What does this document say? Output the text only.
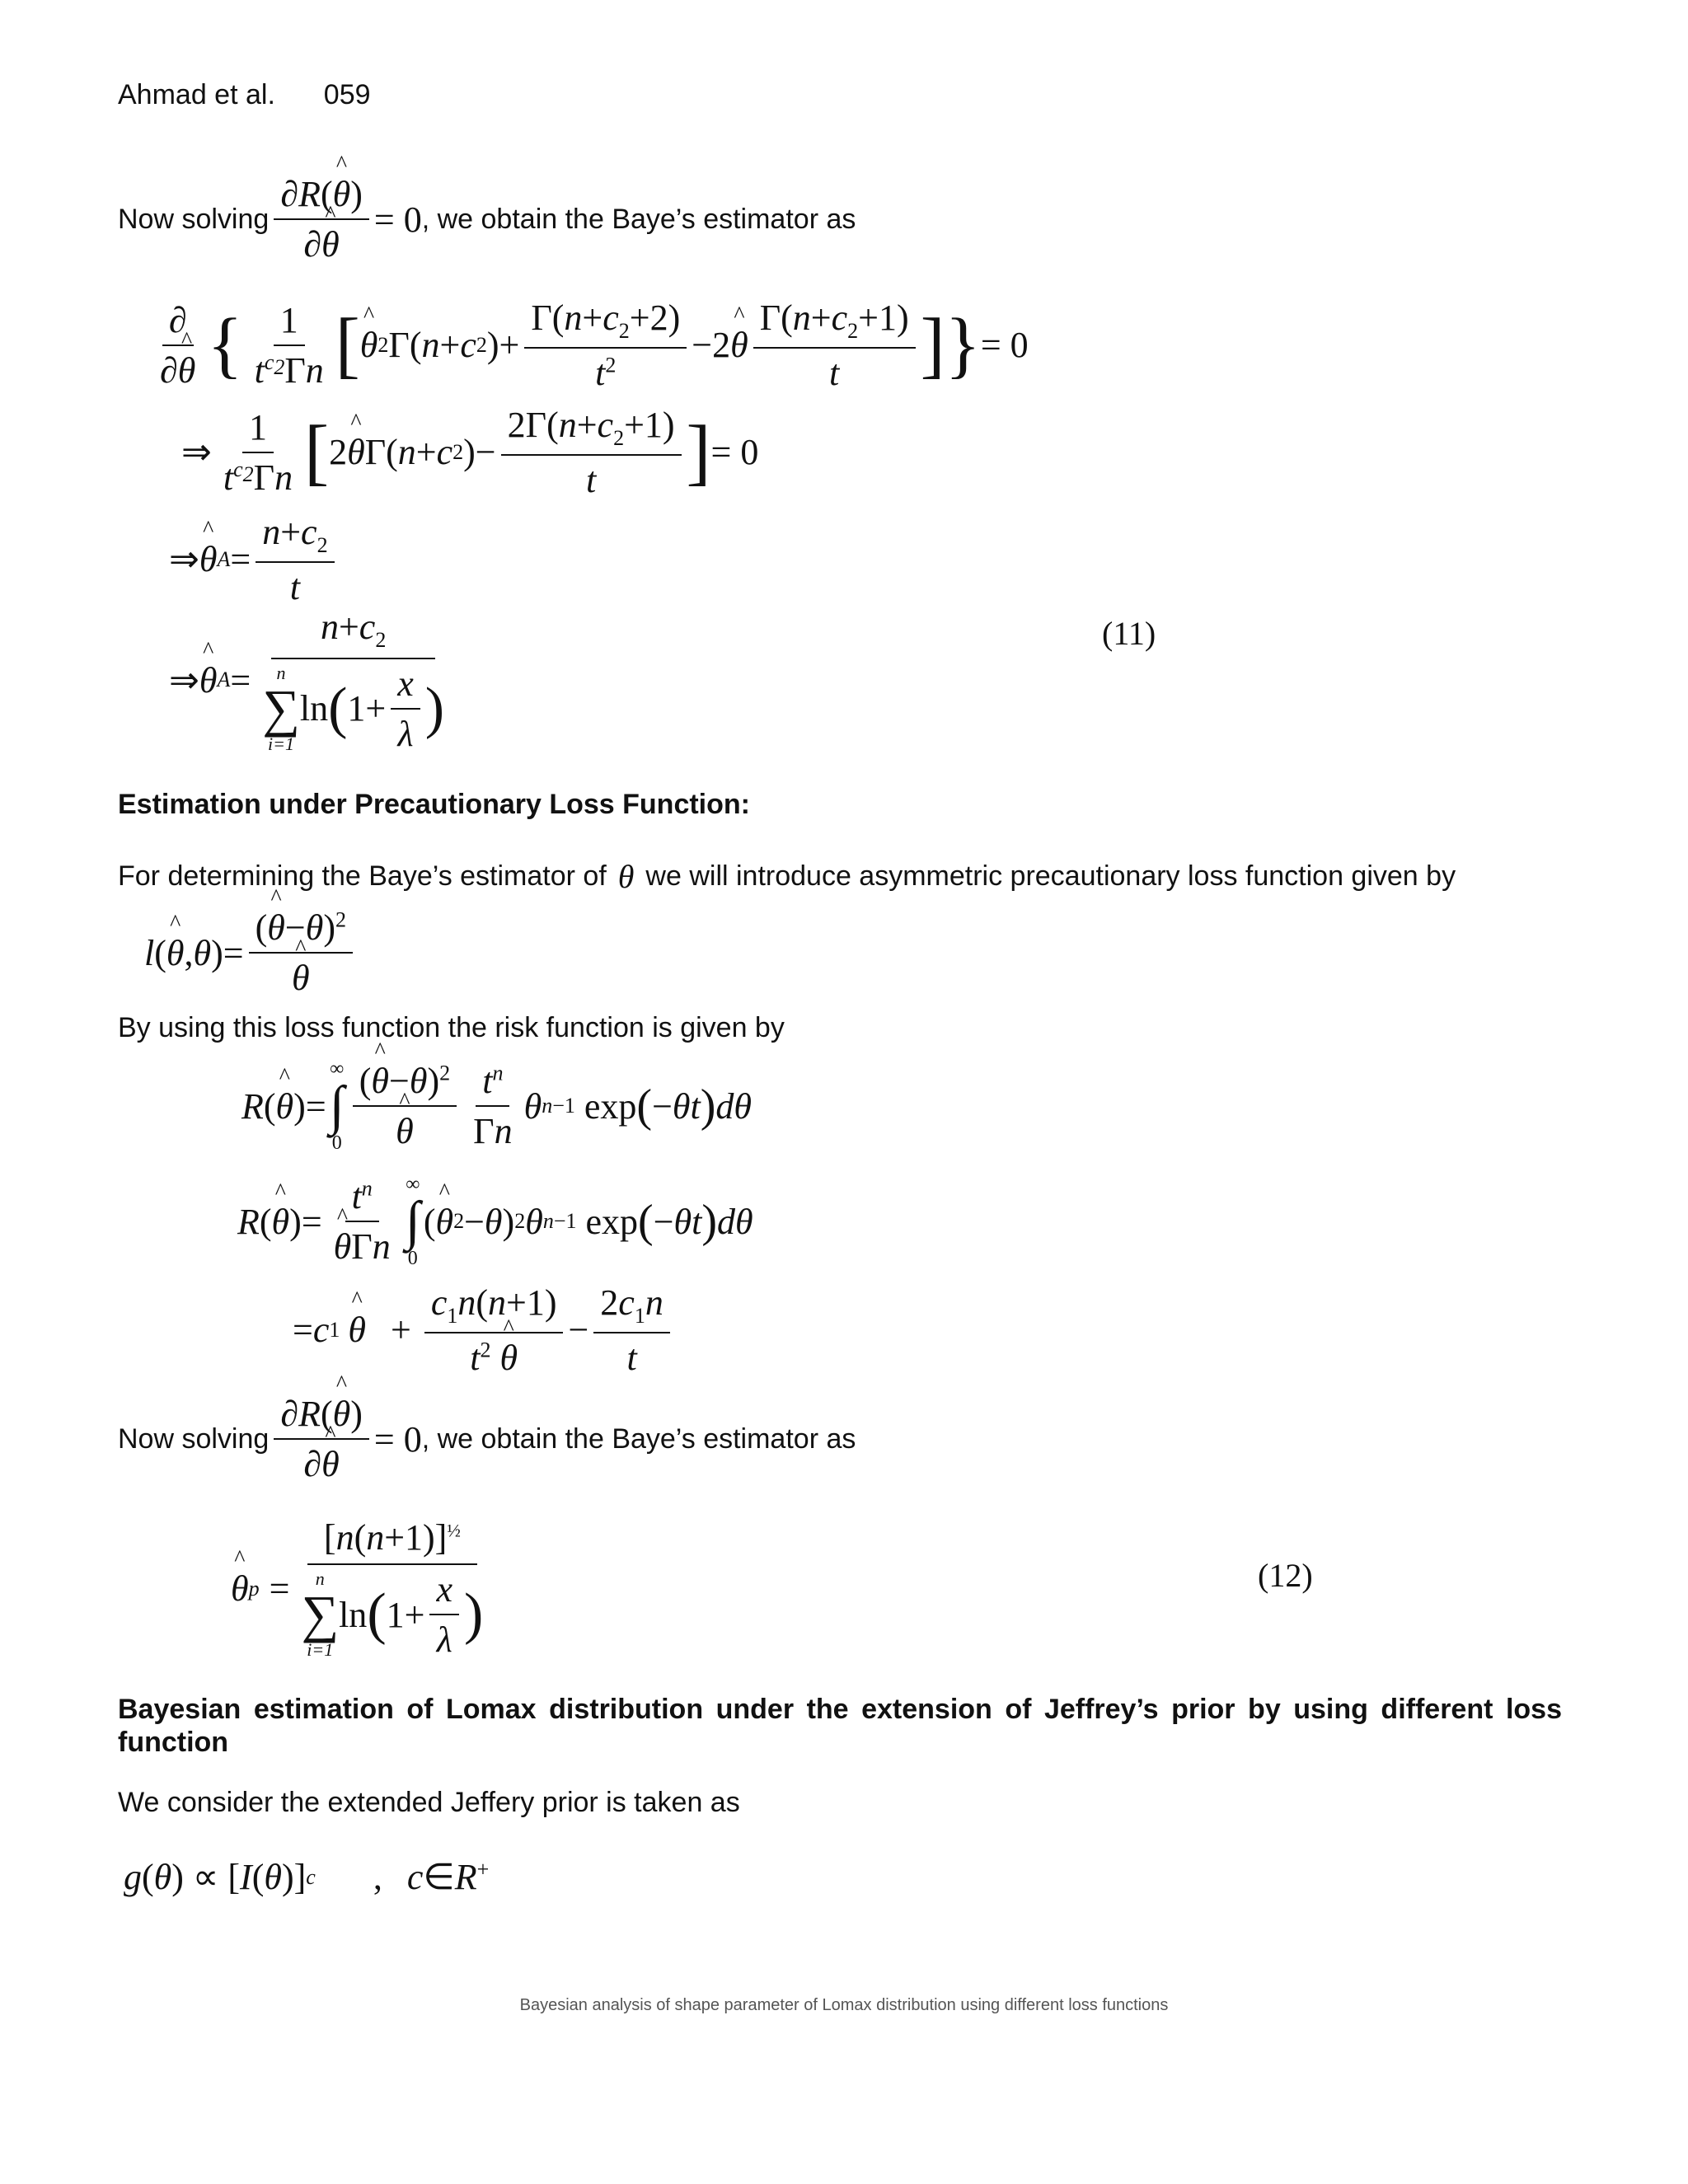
Ahmad et al. 059
Now solving $\frac{\partial R(\^{} \theta)}{\partial\^{} \theta} = 0$ , we obtain the Baye’s estimator as
$\frac{\partial}{\partial\^{} \theta}$ { $\frac{1}{t^{c_2}\Gamma n}$ [ ^ θ 2 Γ( n + c 2 )+ $\frac{\Gamma(n+c_2+2)}{t^2} -2$ ^ θ $\frac{\Gamma(n+c_2+1)}{t}$ ] } = 0
⇒ $\frac{1}{t^{c_2}\Gamma n}$ [ 2 ^ θ Γ( n + c 2 )− $\frac{2\Gamma(n+c_2+1)}{t}$ ] = 0
⇒ ^ θ $A = \frac{n+c_2}{t}$
⇒ ^ θ $A = n+c_2$
n
∑
i=1
ln ( $1+ \frac{x}{\lambda}$ )	(11)
Estimation under Precautionary Loss Function:
For determining the Baye’s estimator of θ we will introduce asymmetric precautionary loss function given by
l ( ^ θ , θ ) = (^ θ−θ)$^2$
^ θ
By using this loss function the risk function is given by
R ( ^ θ ) =
∞
∫
0 (^ θ−θ)$^2$
^ θ $\frac{t^n}{\Gamma n}$ θ n −1 exp ( − θt ) dθ
R ( ^ θ ) = $t^n$
^ θΓn ∞
∫
0
( ^ θ 2 − θ ) 2 θ n −1 exp ( − θt ) dθ
= c 1 ^ $\theta + \frac{c_1n(n+1)}{t^2 \^{} \theta} - \frac{2c_1n}{t}$
Now solving $\frac{\partial R(\^{} \theta)}{\partial\^{} \theta} = 0$ , we obtain the Baye’s estimator as
^ θ $p = [n(n+1)]^{\frac{1}{2}}$
n
∑
i=1
ln ( $1+ \frac{x}{\lambda}$ )	(12)
Bayesian estimation of Lomax distribution under the extension of Jeffrey’s prior by using different loss function
We consider the extended Jeffery prior is taken as
g ( θ ) ∝ [ I ( θ )] c , c∈R+
Bayesian analysis of shape parameter of Lomax distribution using different loss functions
